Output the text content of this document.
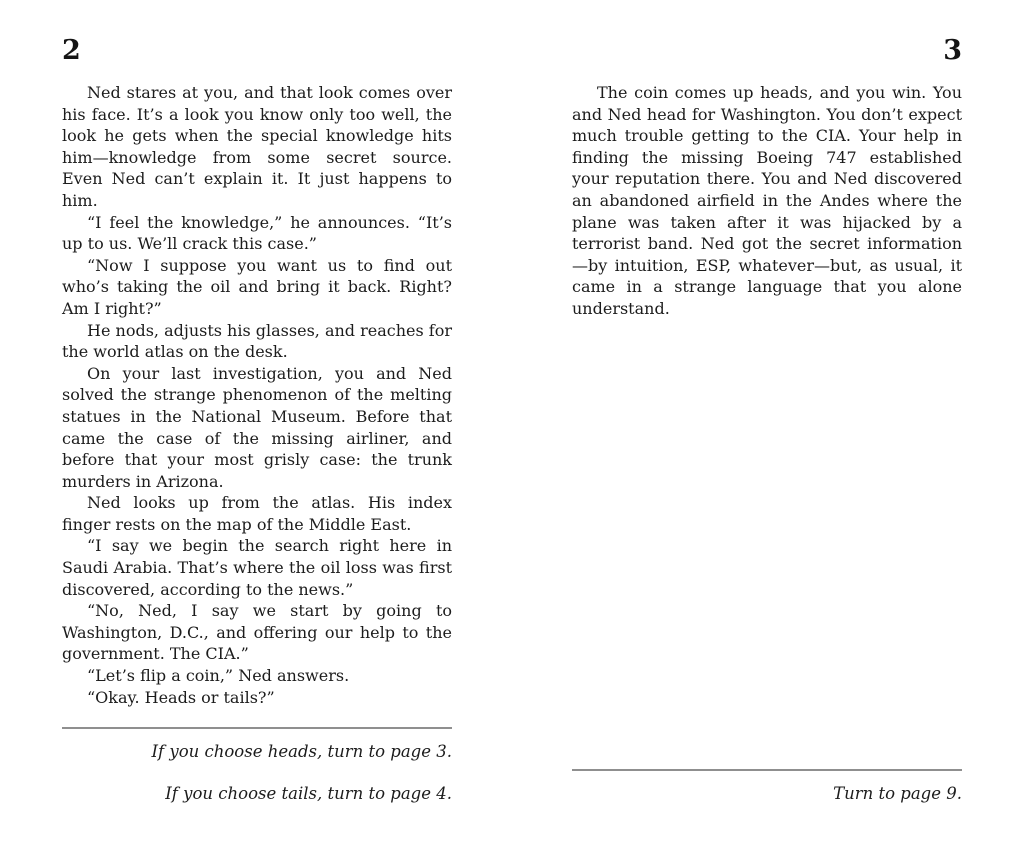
2

Ned stares at you, and that look comes over his face. It’s a look you know only too well, the look he gets when the special knowledge hits him—knowledge from some secret source. Even Ned can’t explain it. It just happens to him.

“I feel the knowledge,” he announces. “It’s up to us. We’ll crack this case.”

“Now I suppose you want us to find out who’s taking the oil and bring it back. Right? Am I right?”

He nods, adjusts his glasses, and reaches for the world atlas on the desk.

On your last investigation, you and Ned solved the strange phenomenon of the melting statues in the National Museum. Before that came the case of the missing airliner, and before that your most grisly case: the trunk murders in Arizona.

Ned looks up from the atlas. His index finger rests on the map of the Middle East.

“I say we begin the search right here in Saudi Arabia. That’s where the oil loss was first discovered, according to the news.”

“No, Ned, I say we start by going to Washington, D.C., and offering our help to the government. The CIA.”

“Let’s flip a coin,” Ned answers.

“Okay. Heads or tails?”

3

The coin comes up heads, and you win. You and Ned head for Washington. You don’t expect much trouble getting to the CIA. Your help in finding the missing Boeing 747 established your reputation there. You and Ned discovered an abandoned airfield in the Andes where the plane was taken after it was hijacked by a terrorist band. Ned got the secret information—by intuition, ESP, whatever—but, as usual, it came in a strange language that you alone understand.

If you choose heads, turn to page 3.
If you choose tails, turn to page 4.	Turn to page 9.
